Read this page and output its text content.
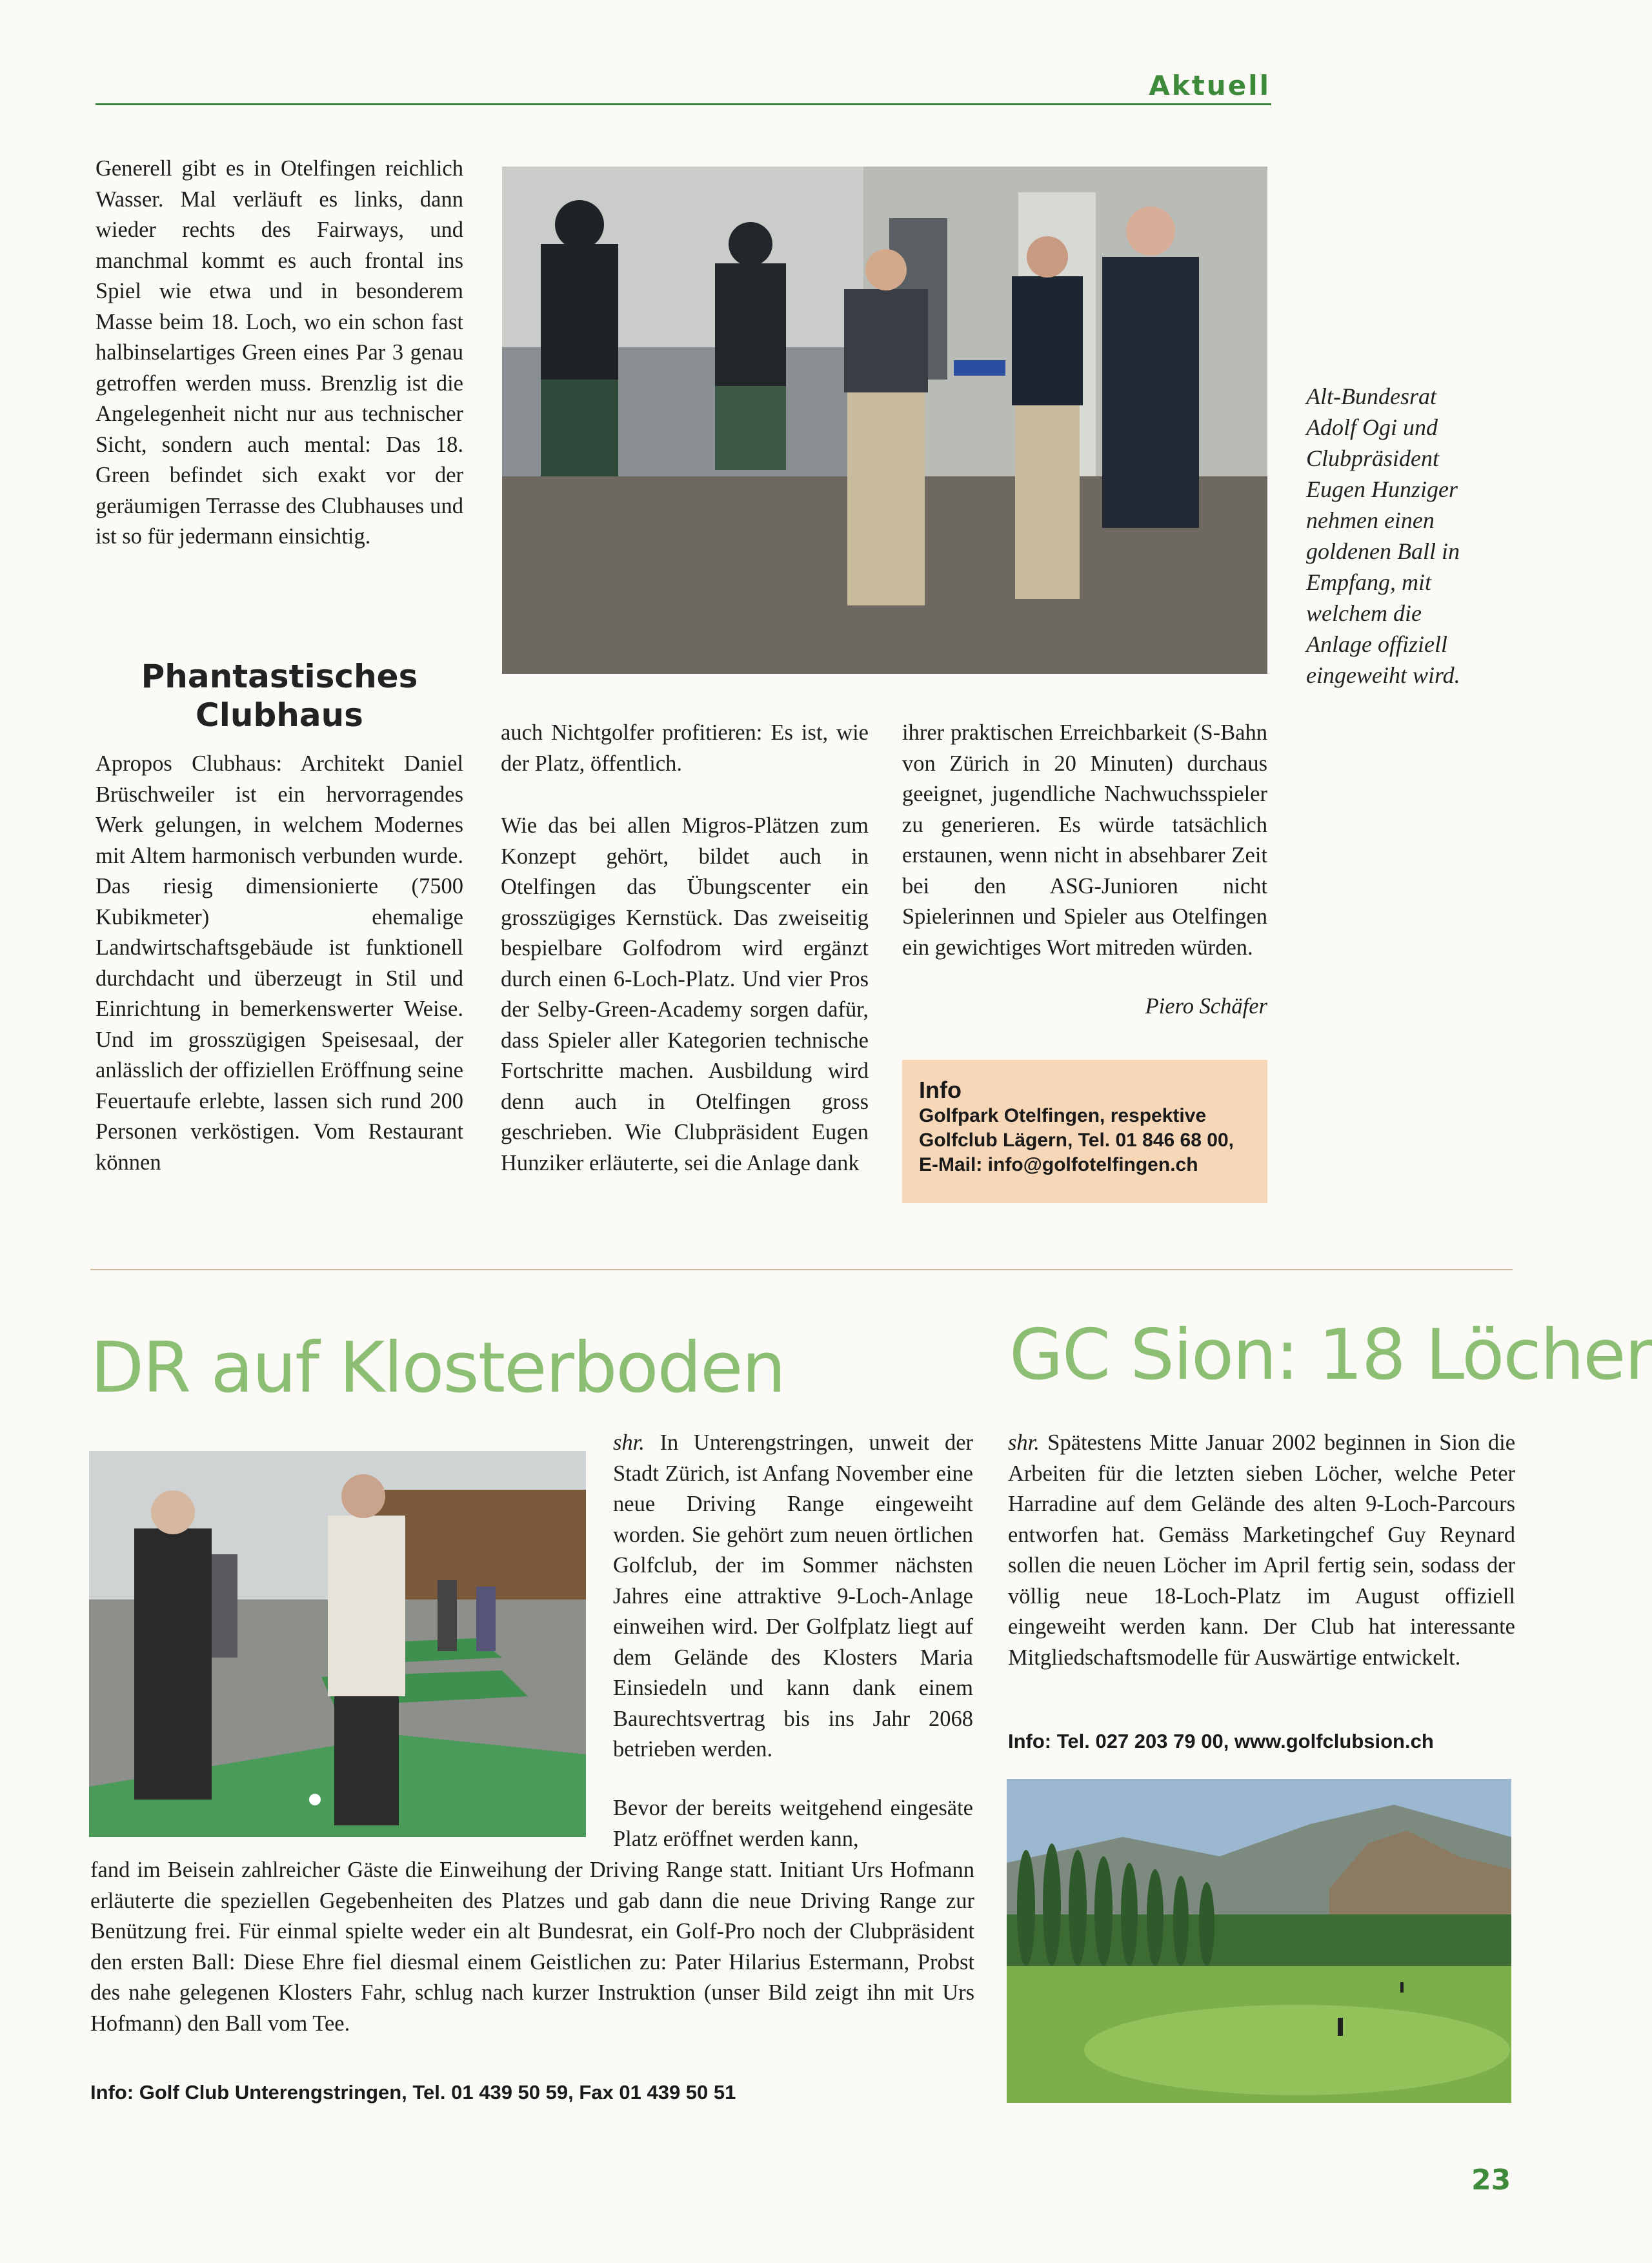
Aktuell
Generell gibt es in Otelfingen reichlich Wasser. Mal verläuft es links, dann wieder rechts des Fairways, und manchmal kommt es auch frontal ins Spiel wie etwa und in besonderem Masse beim 18. Loch, wo ein schon fast halbinselartiges Green eines Par 3 genau getroffen werden muss. Brenzlig ist die Angelegenheit nicht nur aus technischer Sicht, sondern auch mental: Das 18. Green befindet sich exakt vor der geräumigen Terrasse des Clubhauses und ist so für jedermann einsichtig.
Phantastisches Clubhaus
Apropos Clubhaus: Architekt Daniel Brüschweiler ist ein hervorragendes Werk gelungen, in welchem Modernes mit Altem harmonisch verbunden wurde. Das riesig dimensionierte (7500 Kubikmeter) ehemalige Landwirtschaftsgebäude ist funktionell durchdacht und überzeugt in Stil und Einrichtung in bemerkenswerter Weise. Und im grosszügigen Speisesaal, der anlässlich der offiziellen Eröffnung seine Feuertaufe erlebte, lassen sich rund 200 Personen verköstigen. Vom Restaurant können
Alt-Bundesrat
Adolf Ogi und
Clubpräsident
Eugen Hunziger
nehmen einen
goldenen Ball in
Empfang, mit
welchem die
Anlage offiziell
eingeweiht wird.
auch Nichtgolfer profitieren: Es ist, wie der Platz, öffentlich.
Wie das bei allen Migros-Plätzen zum Konzept gehört, bildet auch in Otelfingen das Übungscenter ein grosszügiges Kernstück. Das zweiseitig bespielbare Golfodrom wird ergänzt durch einen 6-Loch-Platz. Und vier Pros der Selby-Green-Academy sorgen dafür, dass Spieler aller Kategorien technische Fortschritte machen. Ausbildung wird denn auch in Otelfingen gross geschrieben. Wie Clubpräsident Eugen Hunziker erläuterte, sei die Anlage dank
ihrer praktischen Erreichbarkeit (S-Bahn von Zürich in 20 Minuten) durchaus geeignet, jugendliche Nachwuchsspieler zu generieren. Es würde tatsächlich erstaunen, wenn nicht in absehbarer Zeit bei den ASG-Junioren nicht Spielerinnen und Spieler aus Otelfingen ein gewichtiges Wort mitreden würden.
Piero Schäfer
Info
Golfpark Otelfingen, respektive
Golfclub Lägern, Tel. 01 846 68 00,
E-Mail: info@golfotelfingen.ch
DR auf Klosterboden
shr. In Unterengstringen, unweit der Stadt Zürich, ist Anfang November eine neue Driving Range eingeweiht worden. Sie gehört zum neuen örtlichen Golfclub, der im Sommer nächsten Jahres eine attraktive 9-Loch-Anlage einweihen wird. Der Golfplatz liegt auf dem Gelände des Klosters Maria Einsiedeln und kann dank einem Baurechtsvertrag bis ins Jahr 2068 betrieben werden.
Bevor der bereits weitgehend eingesäte Platz eröffnet werden kann,
fand im Beisein zahlreicher Gäste die Einweihung der Driving Range statt. Initiant Urs Hofmann erläuterte die speziellen Gegebenheiten des Platzes und gab dann die neue Driving Range zur Benützung frei. Für einmal spielte weder ein alt Bundesrat, ein Golf-Pro noch der Clubpräsident den ersten Ball: Diese Ehre fiel diesmal einem Geistlichen zu: Pater Hilarius Estermann, Probst des nahe gelegenen Klosters Fahr, schlug nach kurzer Instruktion (unser Bild zeigt ihn mit Urs Hofmann) den Ball vom Tee.
Info: Golf Club Unterengstringen, Tel. 01 439 50 59, Fax 01 439 50 51
GC Sion: 18 Löcher
shr. Spätestens Mitte Januar 2002 beginnen in Sion die Arbeiten für die letzten sieben Löcher, welche Peter Harradine auf dem Gelände des alten 9-Loch-Parcours entworfen hat. Gemäss Marketingchef Guy Reynard sollen die neuen Löcher im April fertig sein, sodass der völlig neue 18-Loch-Platz im August offiziell eingeweiht werden kann. Der Club hat interessante Mitgliedschaftsmodelle für Auswärtige entwickelt.
Info: Tel. 027 203 79 00, www.golfclubsion.ch
23
